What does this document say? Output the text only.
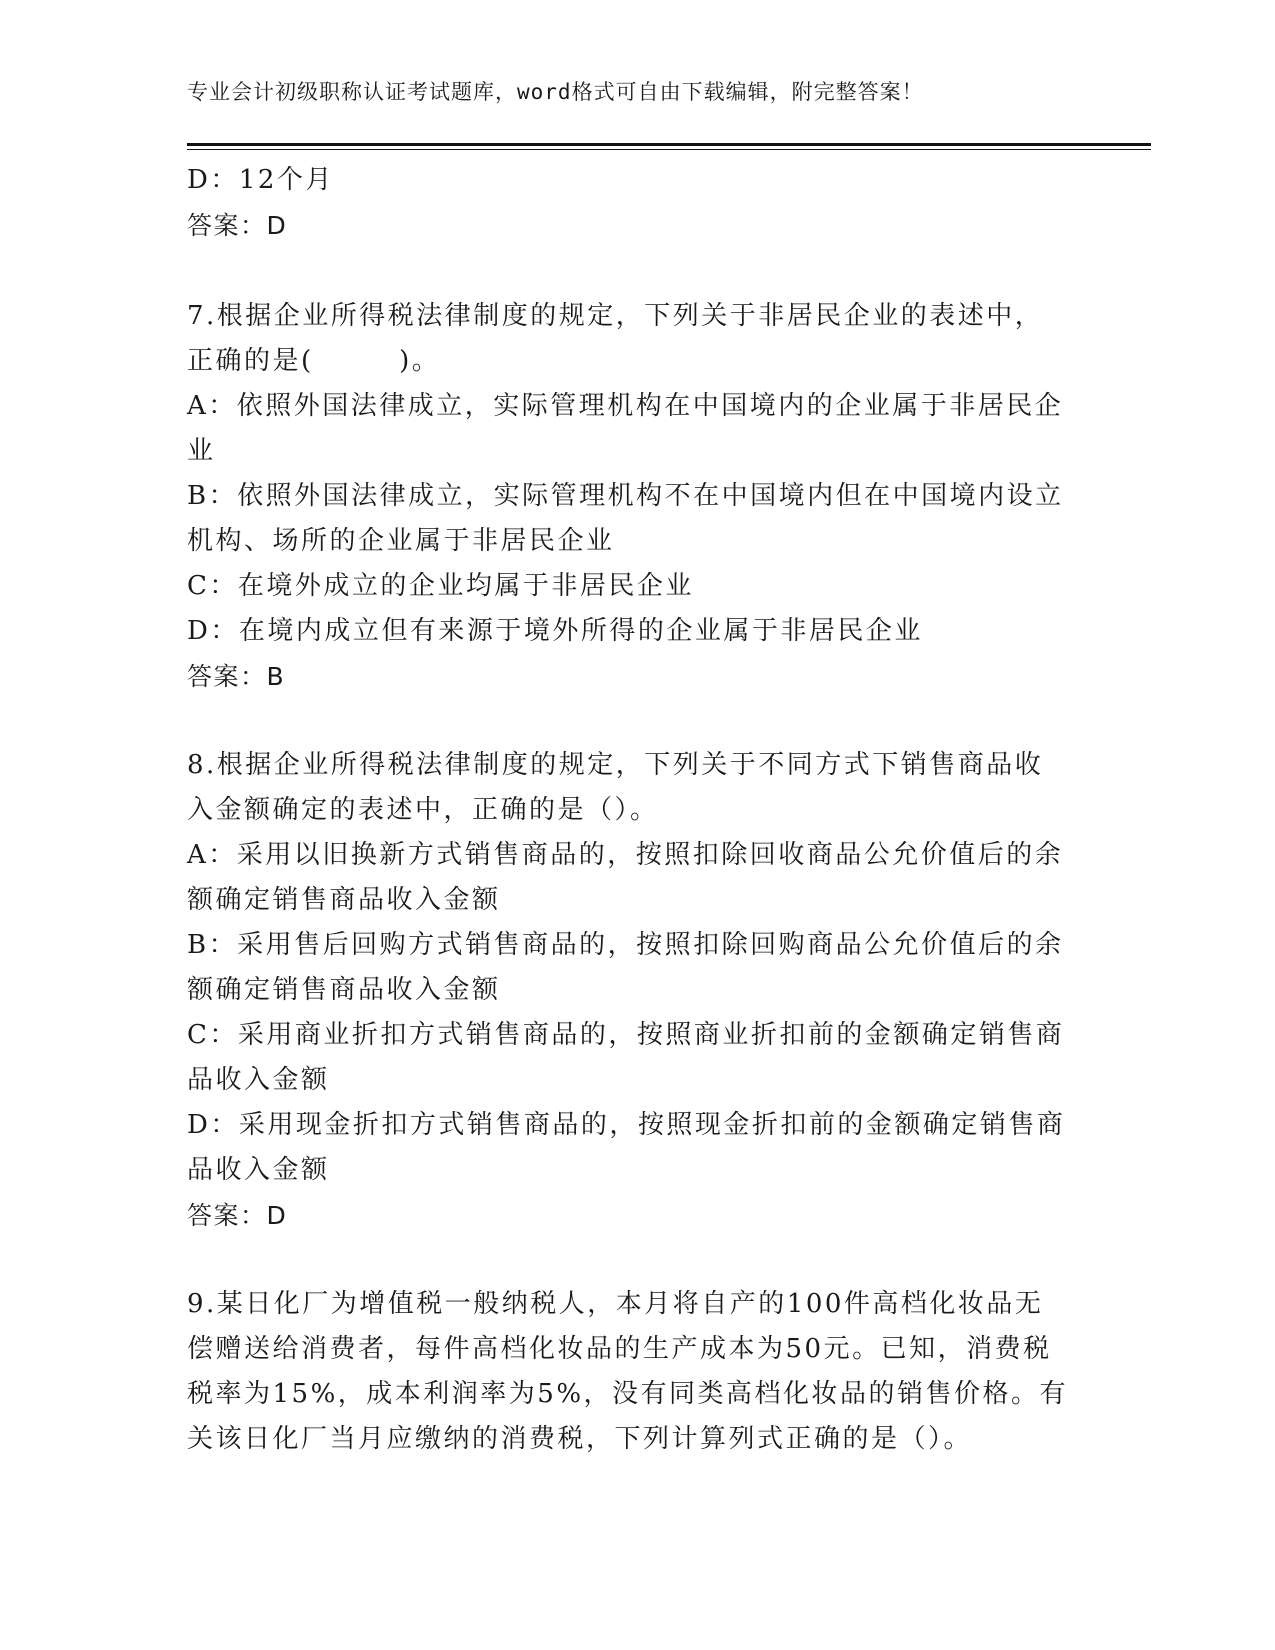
专业会计初级职称认证考试题库，word格式可自由下载编辑，附完整答案！
D：12个月
答案：D
7.根据企业所得税法律制度的规定，下列关于非居民企业的表述中，
正确的是(　　　)。
A：依照外国法律成立，实际管理机构在中国境内的企业属于非居民企
业
B：依照外国法律成立，实际管理机构不在中国境内但在中国境内设立
机构、场所的企业属于非居民企业
C：在境外成立的企业均属于非居民企业
D：在境内成立但有来源于境外所得的企业属于非居民企业
答案：B
8.根据企业所得税法律制度的规定，下列关于不同方式下销售商品收
入金额确定的表述中，正确的是（）。
A：采用以旧换新方式销售商品的，按照扣除回收商品公允价值后的余
额确定销售商品收入金额
B：采用售后回购方式销售商品的，按照扣除回购商品公允价值后的余
额确定销售商品收入金额
C：采用商业折扣方式销售商品的，按照商业折扣前的金额确定销售商
品收入金额
D：采用现金折扣方式销售商品的，按照现金折扣前的金额确定销售商
品收入金额
答案：D
9.某日化厂为增值税一般纳税人，本月将自产的100件高档化妆品无
偿赠送给消费者，每件高档化妆品的生产成本为50元。已知，消费税
税率为15%，成本利润率为5%，没有同类高档化妆品的销售价格。有
关该日化厂当月应缴纳的消费税，下列计算列式正确的是（）。
